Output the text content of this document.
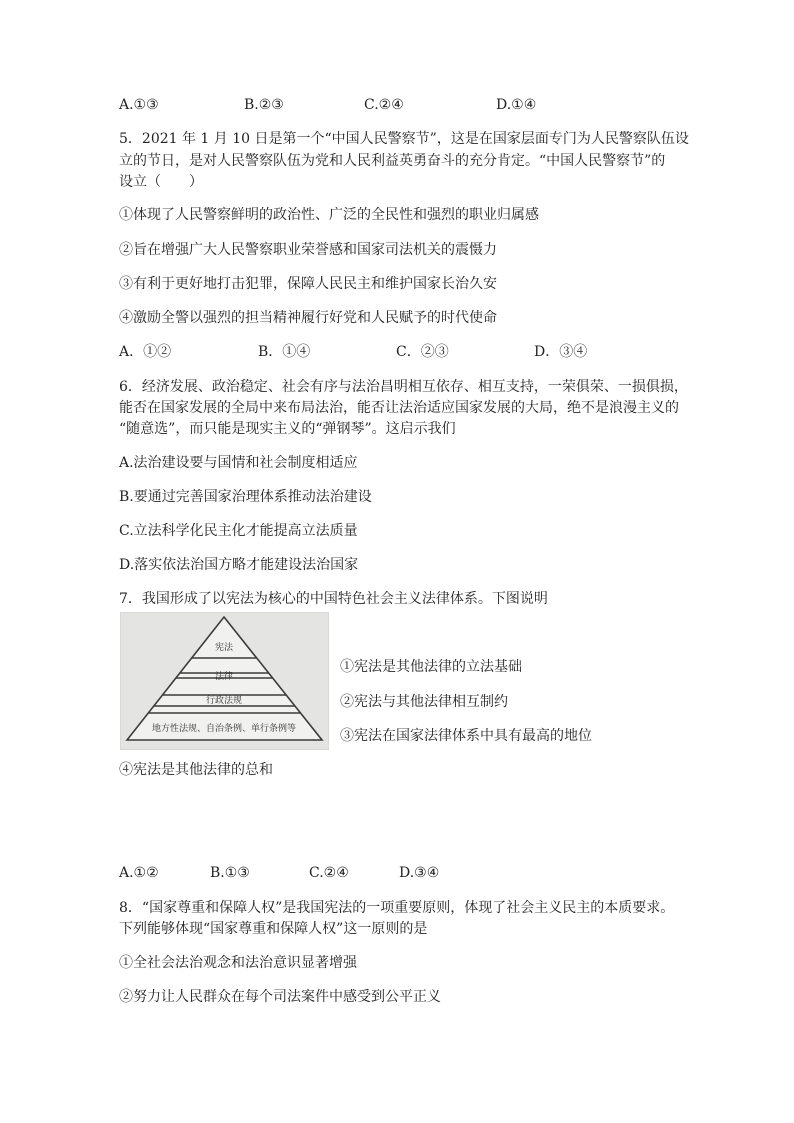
A.①③	B.②③	C.②④	D.①④
5．2021 年 1 月 10 日是第一个“中国人民警察节”，这是在国家层面专门为人民警察队伍设
立的节日，是对人民警察队伍为党和人民利益英勇奋斗的充分肯定。“中国人民警察节”的
设立（　　）
①体现了人民警察鲜明的政治性、广泛的全民性和强烈的职业归属感
②旨在增强广大人民警察职业荣誉感和国家司法机关的震慑力
③有利于更好地打击犯罪，保障人民民主和维护国家长治久安
④激励全警以强烈的担当精神履行好党和人民赋予的时代使命
A．①②	B．①④	C．②③	D．③④
6．经济发展、政治稳定、社会有序与法治昌明相互依存、相互支持，一荣俱荣、一损俱损，
能否在国家发展的全局中来布局法治，能否让法治适应国家发展的大局，绝不是浪漫主义的
“随意选”，而只能是现实主义的“弹钢琴”。这启示我们
A.法治建设要与国情和社会制度相适应
B.要通过完善国家治理体系推动法治建设
C.立法科学化民主化才能提高立法质量
D.落实依法治国方略才能建设法治国家
7．我国形成了以宪法为核心的中国特色社会主义法律体系。下图说明
宪法
法律
行政法规
地方性法规、自治条例、单行条例等
①宪法是其他法律的立法基础
②宪法与其他法律相互制约
③宪法在国家法律体系中具有最高的地位
④宪法是其他法律的总和
A.①②	B.①③	C.②④	D.③④
8．“国家尊重和保障人权”是我国宪法的一项重要原则，体现了社会主义民主的本质要求。
下列能够体现“国家尊重和保障人权”这一原则的是
①全社会法治观念和法治意识显著增强
②努力让人民群众在每个司法案件中感受到公平正义
